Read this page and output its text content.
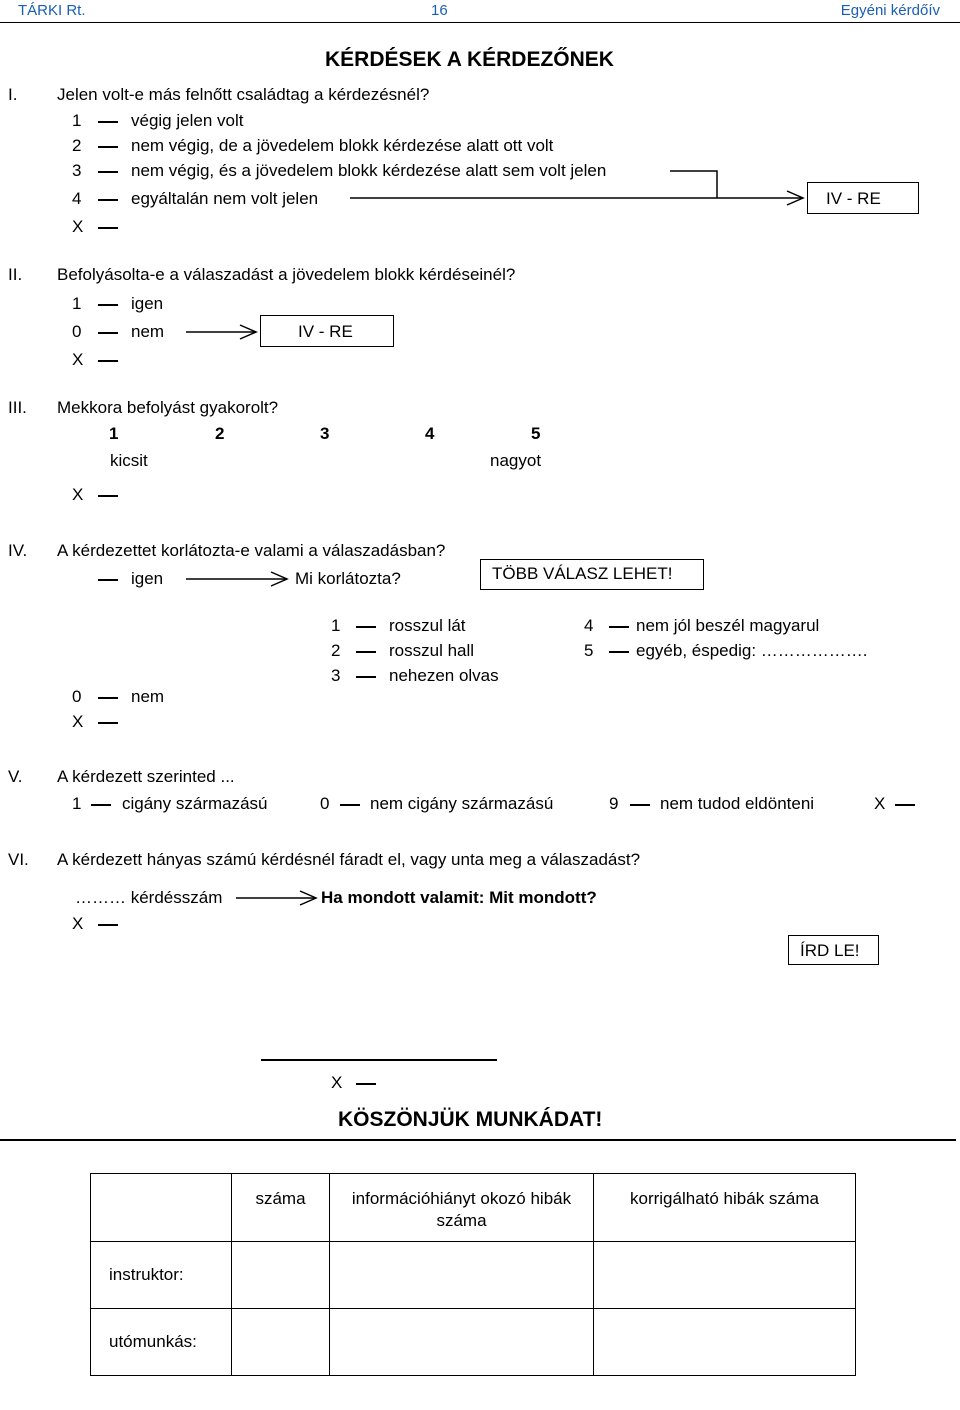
TÁRKI Rt.	16	Egyéni kérdőív
KÉRDÉSEK A KÉRDEZŐNEK
I. Jelen volt-e más felnőtt családtag a kérdezésnél?
1	végig jelen volt
2	nem végig, de a jövedelem blokk kérdezése alatt ott volt
3	nem végig, és a jövedelem blokk kérdezése alatt sem volt jelen
4	egyáltalán nem volt jelen
X
IV - RE
II. Befolyásolta-e a válaszadást a jövedelem blokk kérdéseinél?
1	igen
0	nem
X
IV - RE
III. Mekkora befolyást gyakorolt?
1	2	3	4	5
kicsit	nagyot
X
IV. A kérdezettet korlátozta-e valami a válaszadásban?
igen	Mi korlátozta?	TÖBB VÁLASZ LEHET!
1	rosszul lát
2	rosszul hall
3	nehezen olvas
4	nem jól beszél magyarul
5	egyéb, éspedig: ……………….
0	nem
X
V. A kérdezett szerinted ...
1 cigány származású	0 nem cigány származású	9 nem tudod eldönteni	X
VI. A kérdezett hányas számú kérdésnél fáradt el, vagy unta meg a válaszadást?
……… kérdésszám	Ha mondott valamit: Mit mondott?
X
ÍRD LE!
X
KÖSZÖNJÜK MUNKÁDAT!
	száma	információhiányt okozó hibák száma	korrigálható hibák száma
instruktor:			
utómunkás:			
